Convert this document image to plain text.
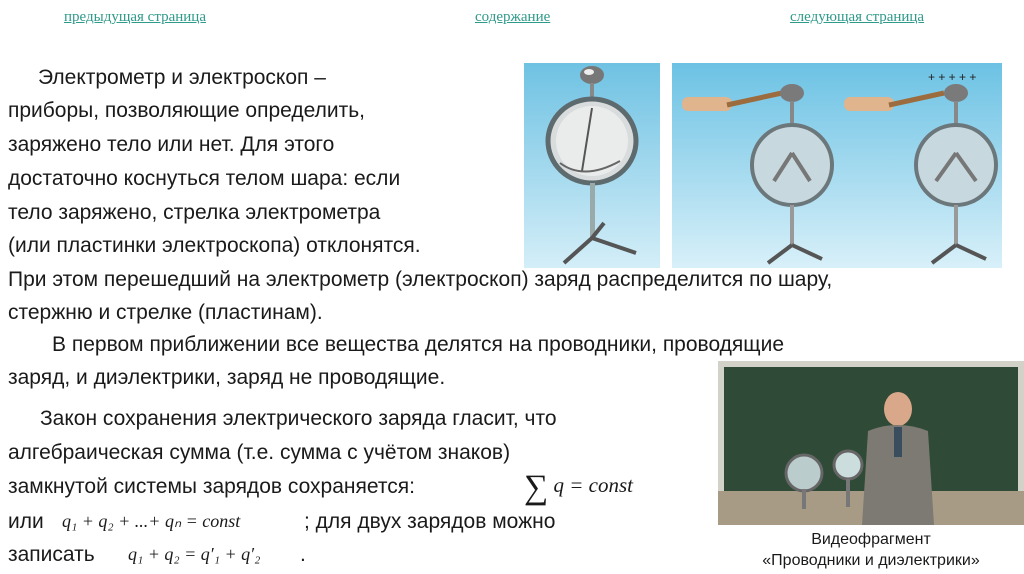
предыдущая страница	содержание	следующая страница
Электрометр и электроскоп –
приборы, позволяющие определить,
заряжено тело или нет. Для этого
достаточно коснуться телом шара: если
тело заряжено, стрелка электрометра
(или пластинки электроскопа) отклонятся.
При этом перешедший на электрометр (электроскоп) заряд распределится по шару,
стержню и стрелке (пластинам).
В первом приближении все вещества делятся на проводники, проводящие
заряд, и диэлектрики, заряд не проводящие.
Закон сохранения электрического заряда гласит, что
алгебраическая сумма (т.е. сумма с учётом знаков)
замкнутой системы зарядов сохраняется:	∑ q = const
или q₁ + q₂ + ...+ qₙ = const	; для двух зарядов можно
записать q₁ + q₂ = q′₁ + q′₂ .
+ + + + +
Видеофрагмент
«Проводники и диэлектрики»
